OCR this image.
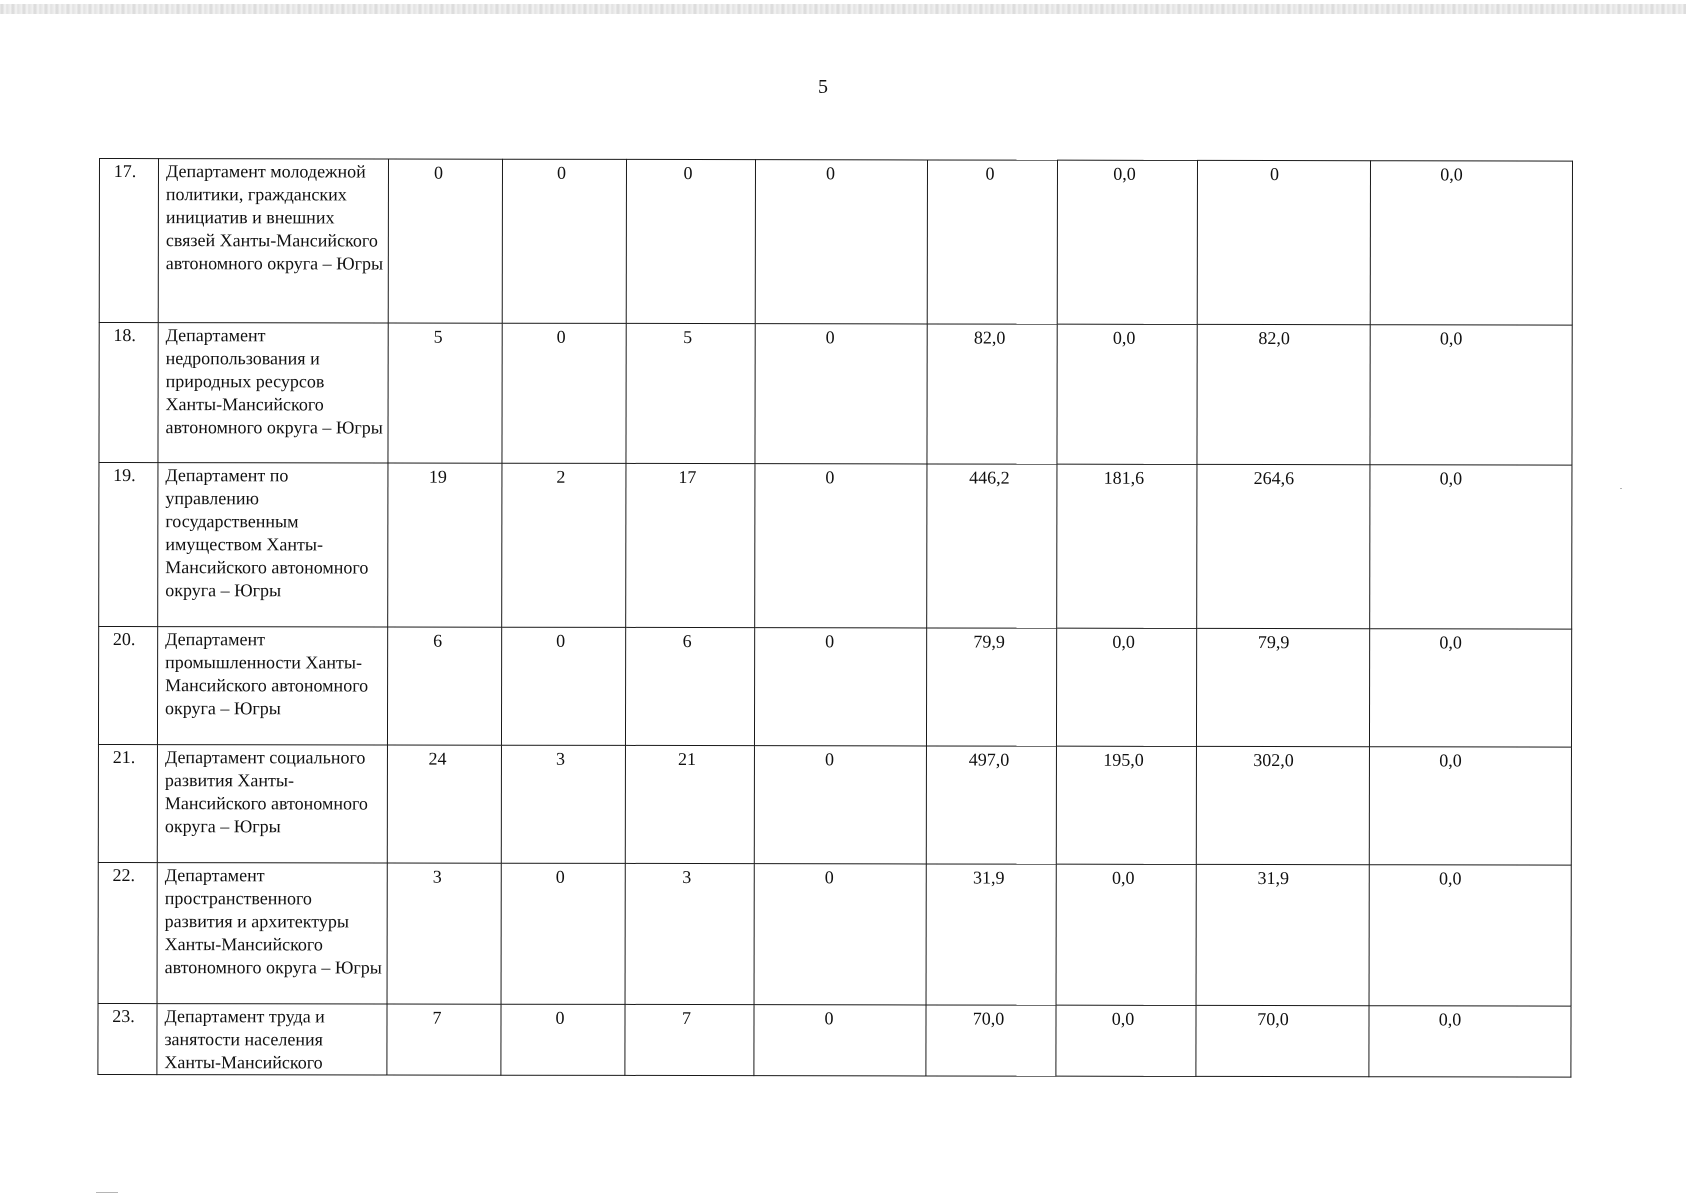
5
17.	Департамент молодежной политики, гражданских инициатив и внешних связей Ханты-Мансийского автономного округа – Югры	0	0	0	0	0	0,0	0	0,0
18.	Департамент недропользования и природных ресурсов Ханты-Мансийского автономного округа – Югры	5	0	5	0	82,0	0,0	82,0	0,0
19.	Департамент по управлению государственным имуществом Ханты-Мансийского автономного округа – Югры	19	2	17	0	446,2	181,6	264,6	0,0
20.	Департамент промышленности Ханты-Мансийского автономного округа – Югры	6	0	6	0	79,9	0,0	79,9	0,0
21.	Департамент социального развития Ханты-Мансийского автономного округа – Югры	24	3	21	0	497,0	195,0	302,0	0,0
22.	Департамент пространственного развития и архитектуры Ханты-Мансийского автономного округа – Югры	3	0	3	0	31,9	0,0	31,9	0,0
23.	Департамент труда и занятости населения Ханты-Мансийского	7	0	7	0	70,0	0,0	70,0	0,0
